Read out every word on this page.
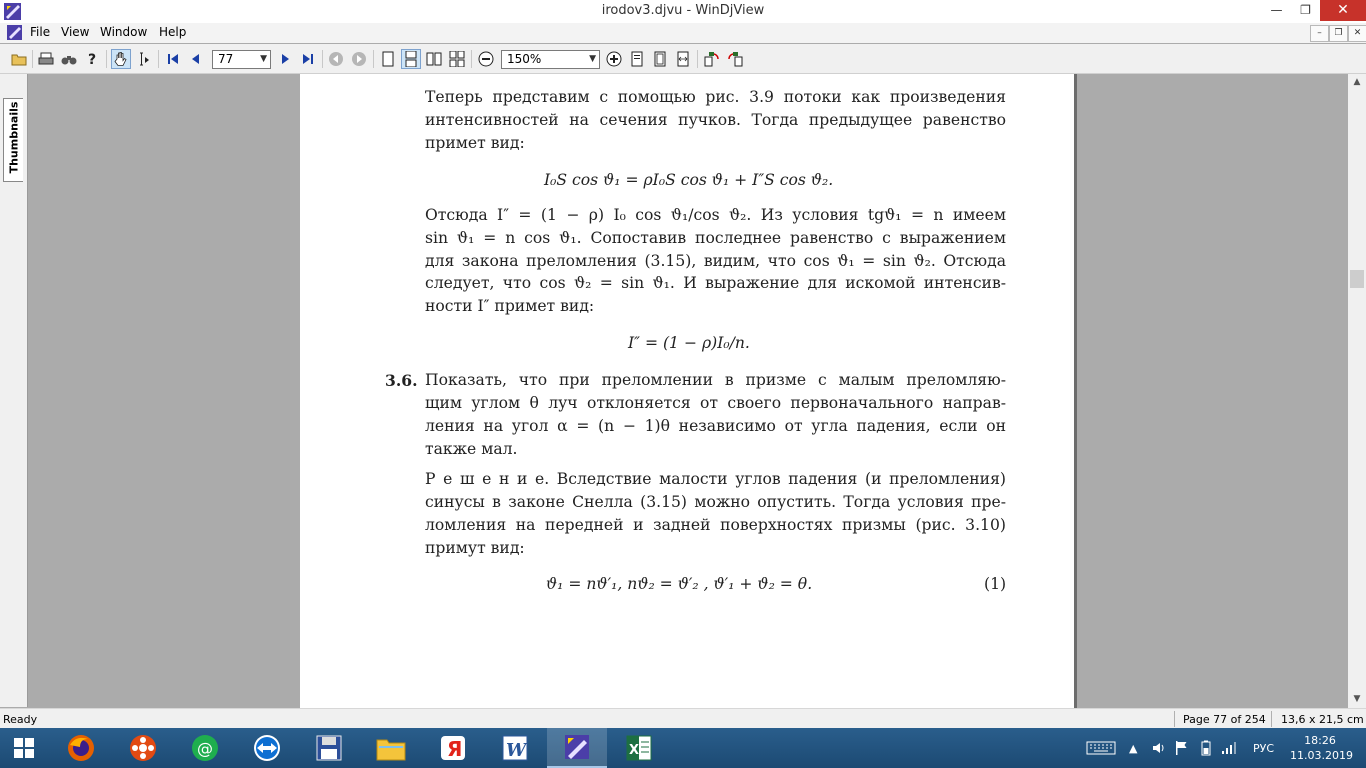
irodov3.djvu - WinDjView	—	❐	✕
File View Window Help	–	❐	✕
?	77	▼	150%	▼
Thumbnails
Теперь представим с помощью рис. 3.9 потоки как произведения
интенсивностей на сечения пучков. Тогда предыдущее равенство
примет вид:
I₀S cos ϑ₁ = ρI₀S cos ϑ₁ + I″S cos ϑ₂.
Отсюда I″ = (1 − ρ) I₀ cos ϑ₁/cos ϑ₂. Из условия tgϑ₁ = n имеем
sin ϑ₁ = n cos ϑ₁. Сопоставив последнее равенство с выражением
для закона преломления (3.15), видим, что cos ϑ₁ = sin ϑ₂. Отсюда
следует, что cos ϑ₂ = sin ϑ₁. И выражение для искомой интенсив-
ности I″ примет вид:
I″ = (1 − ρ)I₀/n.
3.6. Показать, что при преломлении в призме с малым преломляю-
щим углом θ луч отклоняется от своего первоначального направ-
ления на угол α = (n − 1)θ независимо от угла падения, если он
также мал.
Р е ш е н и е. Вследствие малости углов падения (и преломления)
синусы в законе Снелла (3.15) можно опустить. Тогда условия пре-
ломления на передней и задней поверхностях призмы (рис. 3.10)
примут вид:
ϑ₁ = nϑ′₁, nϑ₂ = ϑ′₂ , ϑ′₁ + ϑ₂ = θ.	(1)
▲
▼
Ready	Page 77 of 254 13,6 x 21,5 cm
@	Я W	X	▲	РУС
18:26
11.03.2019
